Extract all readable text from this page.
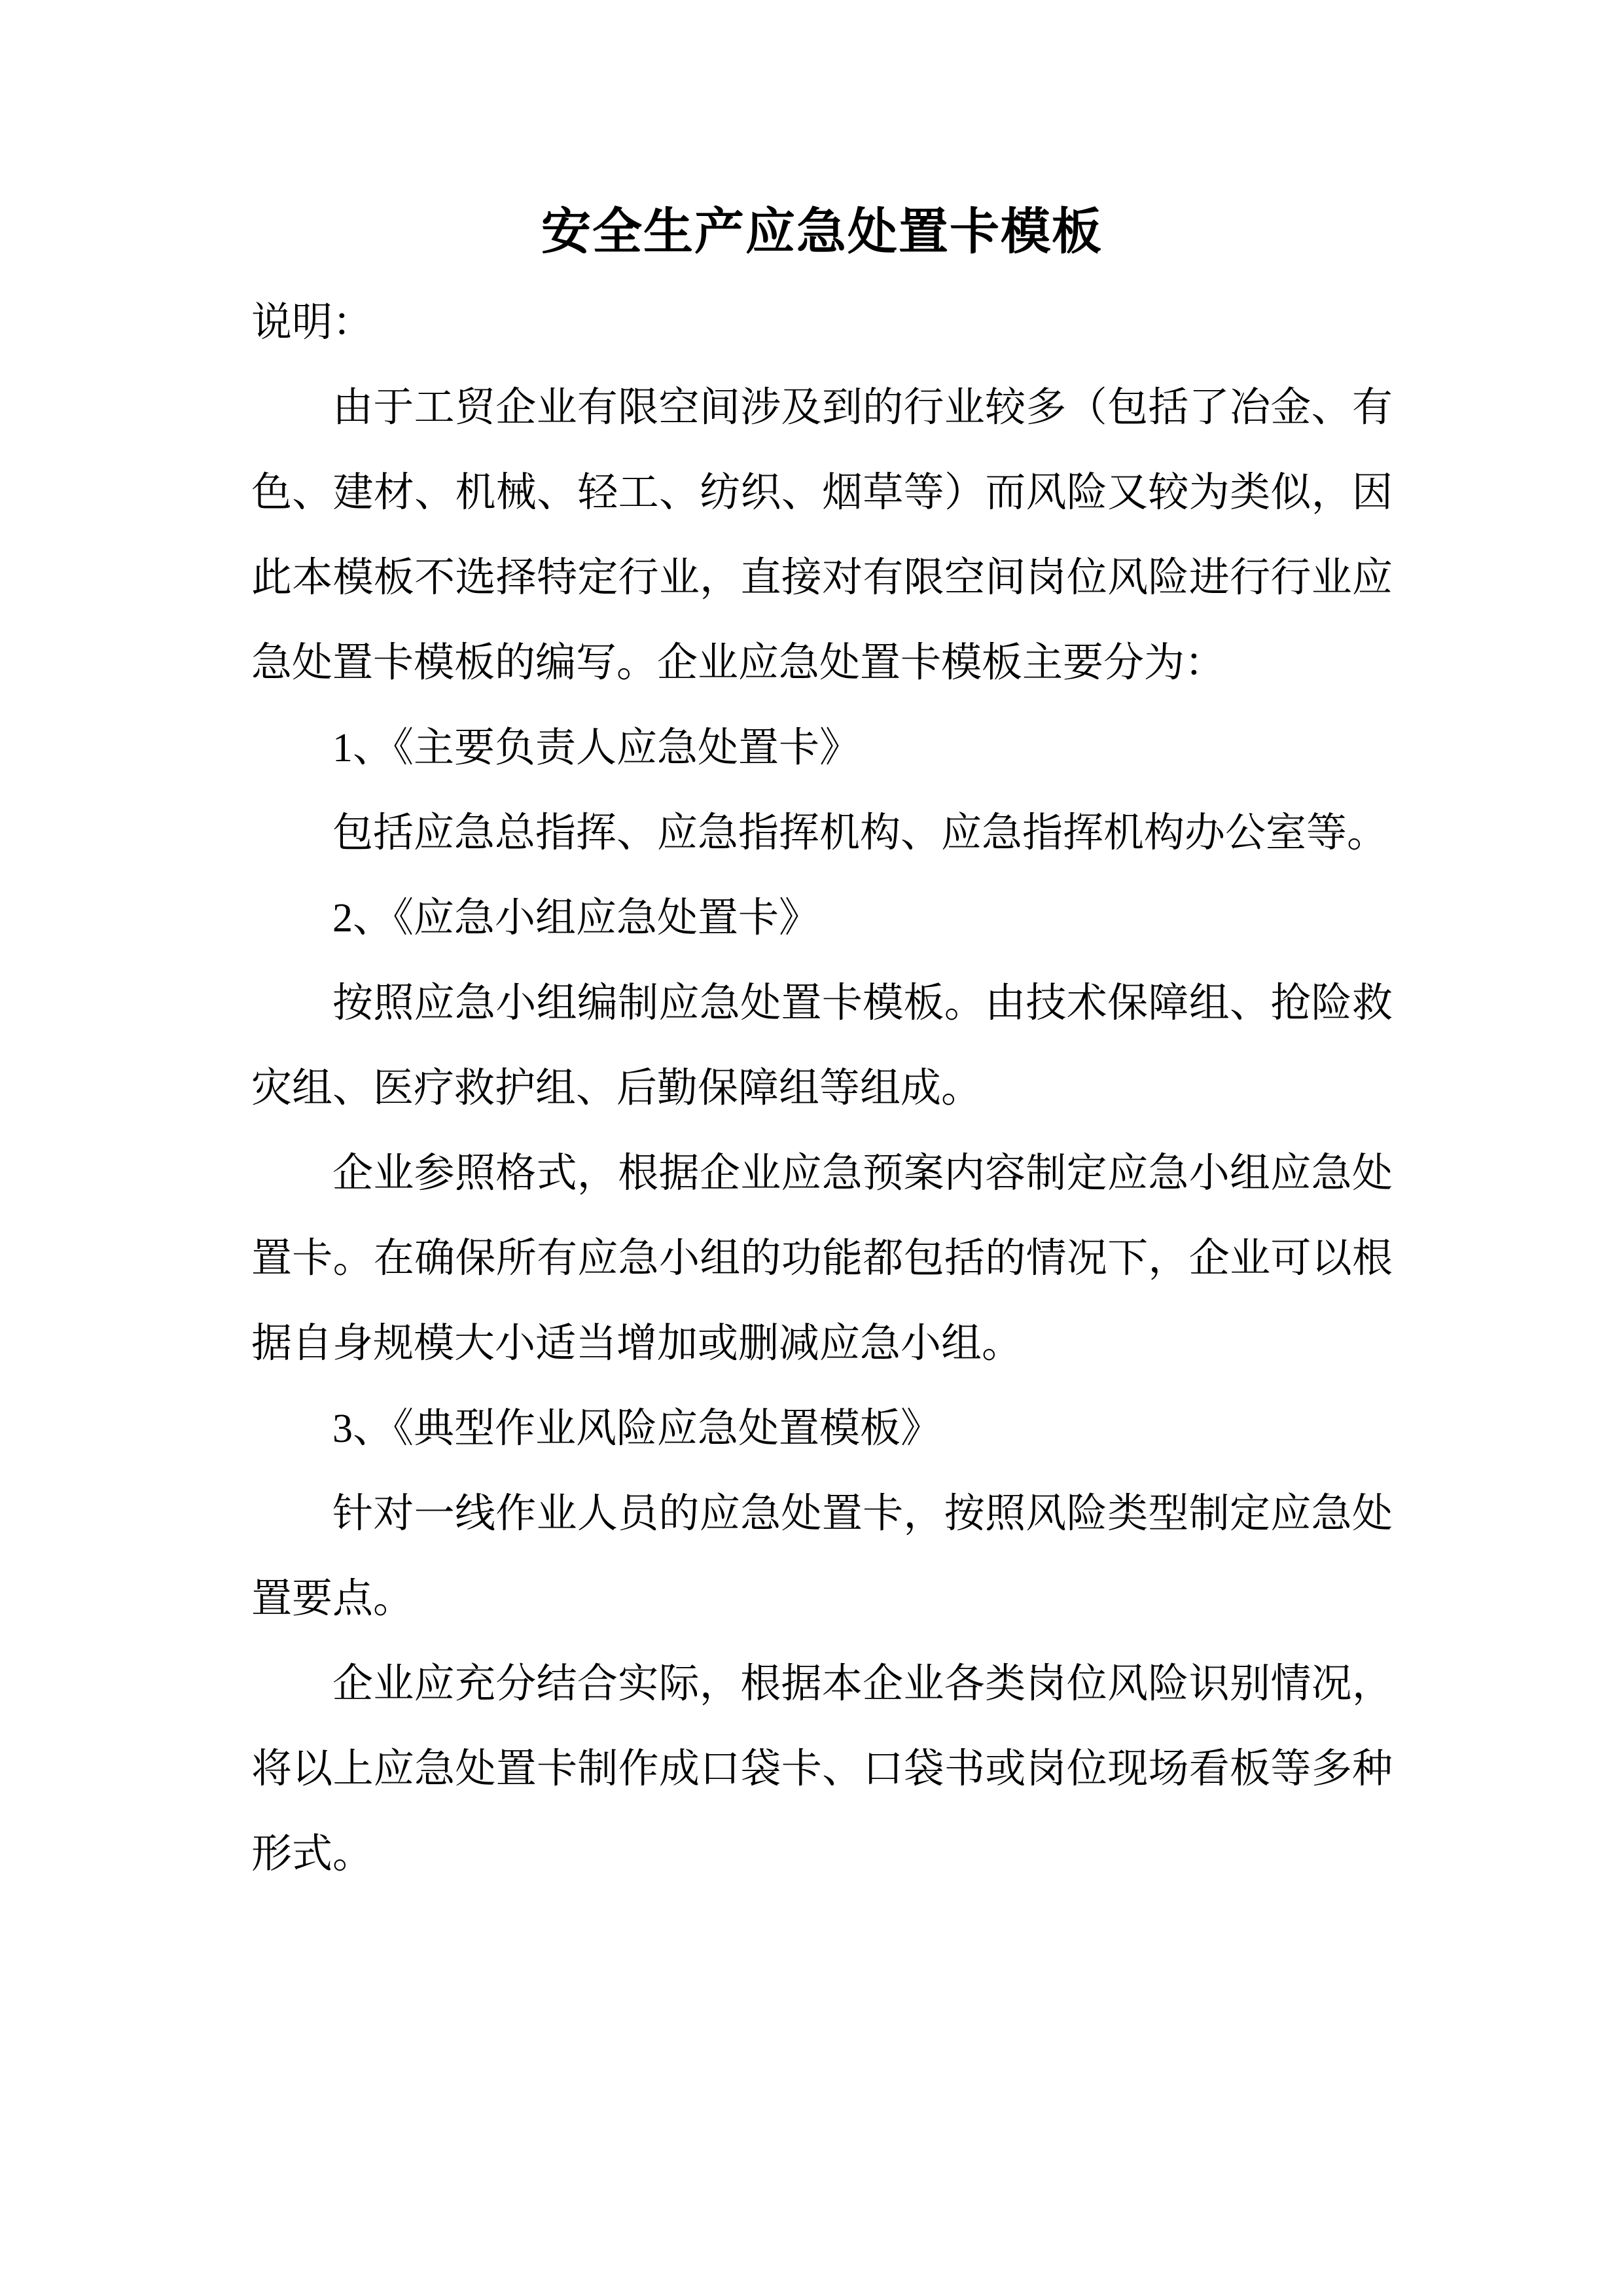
安全生产应急处置卡模板

说明：

由于工贸企业有限空间涉及到的行业较多（包括了冶金、有色、建材、机械、轻工、纺织、烟草等）而风险又较为类似，因此本模板不选择特定行业，直接对有限空间岗位风险进行行业应急处置卡模板的编写。企业应急处置卡模板主要分为：

1、《主要负责人应急处置卡》

包括应急总指挥、应急指挥机构、应急指挥机构办公室等。

2、《应急小组应急处置卡》

按照应急小组编制应急处置卡模板。由技术保障组、抢险救灾组、医疗救护组、后勤保障组等组成。

企业参照格式，根据企业应急预案内容制定应急小组应急处置卡。在确保所有应急小组的功能都包括的情况下，企业可以根据自身规模大小适当增加或删减应急小组。

3、《典型作业风险应急处置模板》

针对一线作业人员的应急处置卡，按照风险类型制定应急处置要点。

企业应充分结合实际，根据本企业各类岗位风险识别情况，将以上应急处置卡制作成口袋卡、口袋书或岗位现场看板等多种形式。
